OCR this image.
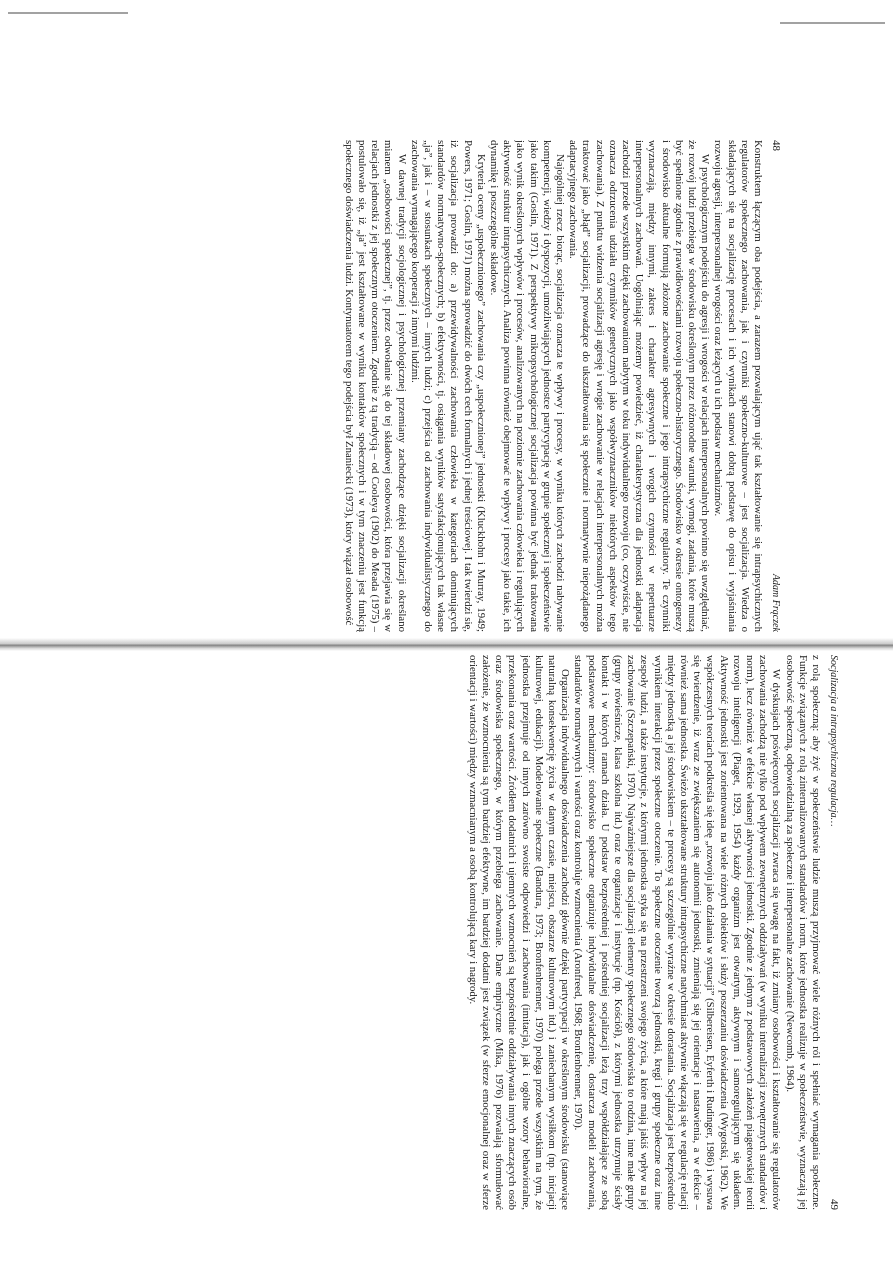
48
Adam Frączek

Konstruktem łączącym oba podejścia, a zarazem pozwalającym ująć tak kształtowanie się intrapsychicznych regulatorów społecznego zachowania, jak i czynniki społeczno-kulturowe – jest socjalizacja. Wiedza o składających się na socjalizację procesach i ich wynikach stanowi dobrą podstawę do opisu i wyjaśniania rozwoju agresji, interpersonalnej wrogości oraz leżących u ich podstaw mechanizmów.

W psychologicznym podejściu do agresji i wrogości w relacjach interpersonalnych powinno się uwzględniać, że rozwój ludzi przebiega w środowisku określonym przez różnorodne warunki, wymogi, zadania, które muszą być spełnione zgodnie z prawidłowościami rozwoju społeczno-historycznego. Środowisko w okresie ontogenezy i środowisko aktualne formują złożone zachowanie społeczne i jego intrapsychiczne regulatory. Te czynniki wyznaczają, między innymi, zakres i charakter agresywnych i wrogich czynności w repertuarze interpersonalnych zachowań. Uogólniając możemy powiedzieć, iż charakterystyczna dla jednostki adaptacja zachodzi przede wszystkim dzięki zachowaniom nabytym w toku indywidualnego rozwoju (co, oczywiście, nie oznacza odrzucenia udziału czynników genetycznych jako współwyznaczników niektórych aspektów tego zachowania). Z punktu widzenia socjalizacji agresję i wrogie zachowanie w relacjach interpersonalnych można traktować jako „błąd” socjalizacji, prowadzące do ukształtowania się społecznie i normatywnie niepożądanego adaptacyjnego zachowania.

Najogólniej rzecz biorąc, socjalizacja oznacza te wpływy i procesy, w wyniku których zachodzi nabywanie kompetencji, wiedzy i dyspozycji, umożliwiających jednostce partycypację w grupie społecznej i społeczeństwie jako takim (Goslin, 1971). Z perspektywy mikropsychologicznej socjalizacja powinna być jednak traktowana jako wynik określonych wpływów i procesów, analizowanych na poziomie zachowania człowieka i regulujących aktywność struktur intrapsychicznych. Analiza powinna również obejmować te wpływy i procesy jako takie, ich dynamikę i poszczególne składowe.

Kryteria oceny „uspołecznionego” zachowania czy „uspołecznionej” jednostki (Kluckhohn i Murray, 1949; Powers, 1971; Goslin, 1971) można sprowadzić do dwóch cech formalnych i jednej treściowej. I tak twierdzi się, iż socjalizacja prowadzi do: a) przewidywalności zachowania człowieka w kategoriach dominujących standardów normatywno-społecznych; b) efektywności, tj. osiągania wyników satysfakcjonujących tak własne „ja”, jak i – w stosunkach społecznych – innych ludzi; c) przejścia od zachowania indywidualistycznego do zachowania wymagającego kooperacji z innymi ludźmi.

W dawnej tradycji socjologicznej i psychologicznej przemiany zachodzące dzięki socjalizacji określano mianem „osobowości społecznej”, tj. przez odwołanie się do tej składowej osobowości, która przejawia się w relacjach jednostki z jej społecznym otoczeniem. Zgodnie z tą tradycją – od Cooleya (1902) do Meada (1975) – postulowało się, iż „ja” jest kształtowane w wyniku kontaktów społecznych i w tym znaczeniu jest funkcją społecznego doświadczenia ludzi. Kontynuatorem tego podejścia był Znaniecki (1973), który wiązał osobowość

Socjalizacja a intrapsychiczna regulacja…
49

z rolą społeczną: aby żyć w społeczeństwie ludzie muszą przyjmować wiele różnych ról i spełniać wymagania społeczne. Funkcje związanych z rolą zinternalizowanych standardów i norm, które jednostka realizuje w społeczeństwie, wyznaczają jej osobowość społeczną, odpowiedzialną za społeczne i interpersonalne zachowanie (Newcomb, 1964).

W dyskusjach poświęconych socjalizacji zwraca się uwagę na fakt, iż zmiany osobowości i kształtowanie się regulatorów zachowania zachodzą nie tylko pod wpływem zewnętrznych oddziaływań (w wyniku internalizacji zewnętrznych standardów i norm), lecz również w efekcie własnej aktywności jednostki. Zgodnie z jednym z podstawowych założeń piagetowskiej teorii rozwoju inteligencji (Piaget, 1929, 1954) każdy organizm jest otwartym, aktywnym i samoregulującym się układem. Aktywność jednostki jest zorientowana na wiele różnych obiektów i służy poszerzaniu doświadczenia (Wygotski, 1962). We współczesnych teoriach podkreśla się ideę „rozwoju jako działania w sytuacji” (Silbereisen, Eyferth i Rudinger, 1986) i wysuwa się twierdzenie, iż wraz ze zwiększaniem się autonomii jednostki, zmieniają się jej orientacje i nastawienia, a w efekcie – również sama jednostka. Świeżo ukształtowane struktury intrapsychiczne natychmiast aktywnie włączają się w regulację relacji między jednostką a jej środowiskiem – te procesy są szczególnie wyraźne w okresie dorastania. Socjalizacja jest bezpośrednio wynikiem interakcji przez społeczne otoczenie. To społeczne otoczenie tworzą jednostki, kręgi i grupy społeczne oraz inne zespoły ludzi, a także instytucje, z którymi jednostka styka się na przestrzeni swojego życia, a które mają jakiś wpływ na jej zachowanie (Szczepański, 1970). Najważniejsze dla socjalizacji elementy społecznego środowiska to rodzina, inne małe grupy (grupy rówieśnicze, klasa szkolna itd.) oraz te organizacje i instytucje (np. Kościół), z którymi jednostka utrzymuje ścisły kontakt i w których ramach działa. U podstaw bezpośredniej i pośredniej socjalizacji leżą trzy współdziałające ze sobą podstawowe mechanizmy: środowisko społeczne organizuje indywidualne doświadczenie, dostarcza modeli zachowania, standardów normatywnych i wartości oraz kontroluje wzmocnienia (Aronfreed, 1968; Bronfenbrenner, 1970).

Organizacja indywidualnego doświadczenia zachodzi głównie dzięki partycypacji w określonym środowisku (stanowiące naturalną konsekwencję życia w danym czasie, miejscu, obszarze kulturowym itd.) i zaniechanym wysiłkom (np. inicjacji kulturowej, edukacji). Modelowanie społeczne (Bandura, 1973; Bronfenbrenner, 1970) polega przede wszystkim na tym, że jednostka przejmuje od innych zarówno swoiste odpowiedzi i zachowania (imitacja), jak i ogólne wzory behawioralne, przekonania oraz wartości. Źródłem dodatnich i ujemnych wzmocnień są bezpośrednie oddziaływania innych znaczących osób oraz środowiska społecznego, w którym przebiega zachowanie. Dane empiryczne (Mika, 1976) pozwalają sformułować założenie, że wzmocnienia są tym bardziej efektywne, im bardziej dodatni jest związek (w sferze emocjonalnej oraz w sferze orientacji i wartości) między wzmacnianym a osobą kontrolującą kary i nagrody.
